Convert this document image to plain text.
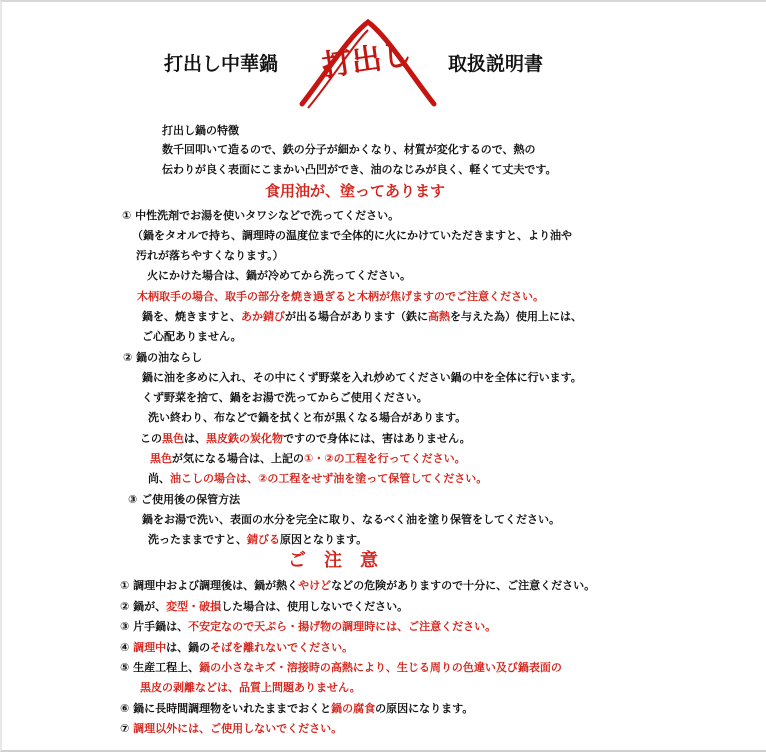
打出し中華鍋	取扱説明書
打出し
打出し鍋の特徴
数千回叩いて造るので、鉄の分子が細かくなり、材質が変化するので、熱の
伝わりが良く表面にこまかい凸凹ができ、油のなじみが良く、軽くて丈夫です。
食用油が、塗ってあります
① 中性洗剤でお湯を使いタワシなどで洗ってください。
（鍋をタオルで持ち、調理時の温度位まで全体的に火にかけていただきますと、より油や
汚れが落ちやすくなります。）
火にかけた場合は、鍋が冷めてから洗ってください。
木柄取手の場合、取手の部分を焼き過ぎると木柄が焦げますのでご注意ください。
鍋を、焼きますと、あか錆びが出る場合があります（鉄に高熱を与えた為）使用上には、
ご心配ありません。
② 鍋の油ならし
鍋に油を多めに入れ、その中にくず野菜を入れ炒めてください鍋の中を全体に行います。
くず野菜を捨て、鍋をお湯で洗ってからご使用ください。
洗い終わり、布などで鍋を拭くと布が黒くなる場合があります。
この黒色は、黒皮鉄の炭化物ですので身体には、害はありません。
黒色が気になる場合は、上記の①・②の工程を行ってください。
尚、油こしの場合は、②の工程をせず油を塗って保管してください。
③ ご使用後の保管方法
鍋をお湯で洗い、表面の水分を完全に取り、なるべく油を塗り保管をしてください。
洗ったままですと、錆びる原因となります。
ご　注　意
① 調理中および調理後は、鍋が熱くやけどなどの危険がありますので十分に、ご注意ください。
② 鍋が、変型・破損した場合は、使用しないでください。
③ 片手鍋は、不安定なので天ぷら・揚げ物の調理時には、ご注意ください。
④ 調理中は、鍋のそばを離れないでください。
⑤ 生産工程上、鍋の小さなキズ・溶接時の高熱により、生じる周りの色違い及び鍋表面の
黒皮の剥離などは、品質上問題ありません。
⑥ 鍋に長時間調理物をいれたままでおくと鍋の腐食の原因になります。
⑦ 調理以外には、ご使用しないでください。
